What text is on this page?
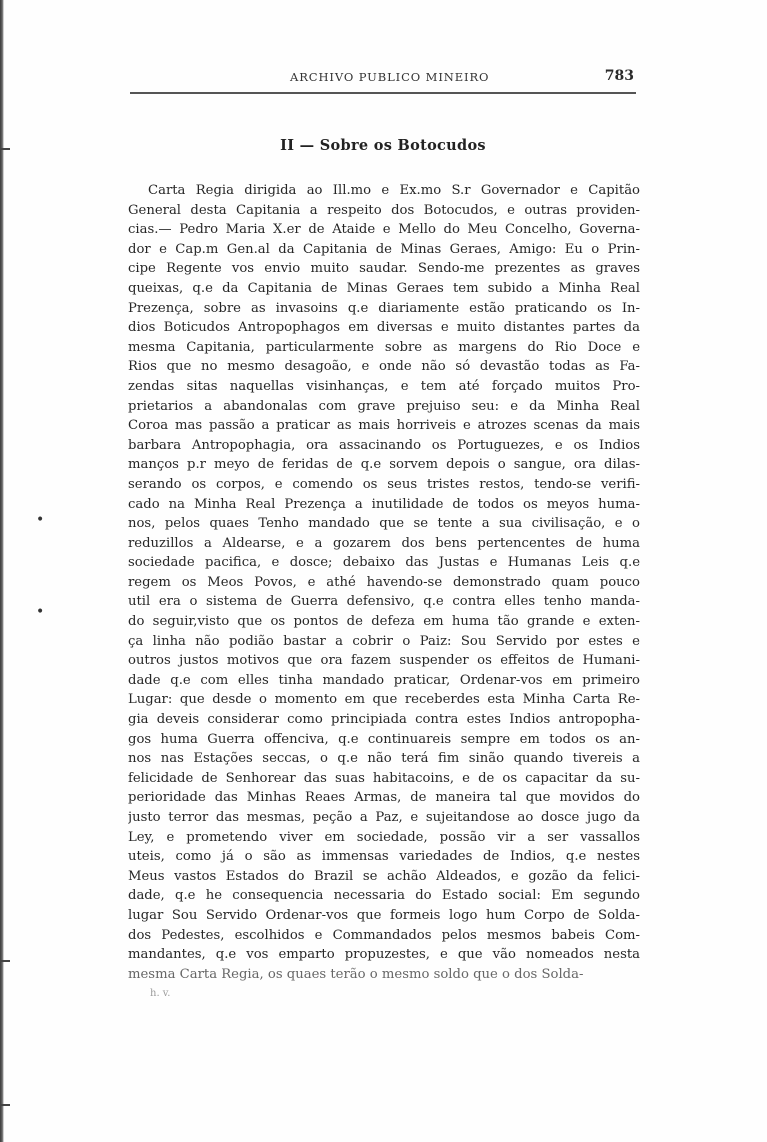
•
•
ARCHIVO PUBLICO MINEIRO	783
II — Sobre os Botocudos
Carta Regia dirigida ao Ill.mo e Ex.mo S.r Governador e Capitão
General desta Capitania a respeito dos Botocudos, e outras providen-
cias.— Pedro Maria X.er de Ataide e Mello do Meu Concelho, Governa-
dor e Cap.m Gen.al da Capitania de Minas Geraes, Amigo: Eu o Prin-
cipe Regente vos envio muito saudar. Sendo-me prezentes as graves
queixas, q.e da Capitania de Minas Geraes tem subido a Minha Real
Prezença, sobre as invasoins q.e diariamente estão praticando os In-
dios Boticudos Antropophagos em diversas e muito distantes partes da
mesma Capitania, particularmente sobre as margens do Rio Doce e
Rios que no mesmo desagoão, e onde não só devastão todas as Fa-
zendas sitas naquellas visinhanças, e tem até forçado muitos Pro-
prietarios a abandonalas com grave prejuiso seu: e da Minha Real
Coroa mas passão a praticar as mais horriveis e atrozes scenas da mais
barbara Antropophagia, ora assacinando os Portuguezes, e os Indios
manços p.r meyo de feridas de q.e sorvem depois o sangue, ora dilas-
serando os corpos, e comendo os seus tristes restos, tendo-se verifi-
cado na Minha Real Prezença a inutilidade de todos os meyos huma-
nos, pelos quaes Tenho mandado que se tente a sua civilisação, e o
reduzillos a Aldearse, e a gozarem dos bens pertencentes de huma
sociedade pacifica, e dosce; debaixo das Justas e Humanas Leis q.e
regem os Meos Povos, e athé havendo-se demonstrado quam pouco
util era o sistema de Guerra defensivo, q.e contra elles tenho manda-
do seguir,visto que os pontos de defeza em huma tão grande e exten-
ça linha não podião bastar a cobrir o Paiz: Sou Servido por estes e
outros justos motivos que ora fazem suspender os effeitos de Humani-
dade q.e com elles tinha mandado praticar, Ordenar-vos em primeiro
Lugar: que desde o momento em que receberdes esta Minha Carta Re-
gia deveis considerar como principiada contra estes Indios antropopha-
gos huma Guerra offenciva, q.e continuareis sempre em todos os an-
nos nas Estações seccas, o q.e não terá fim sinão quando tivereis a
felicidade de Senhorear das suas habitacoins, e de os capacitar da su-
perioridade das Minhas Reaes Armas, de maneira tal que movidos do
justo terror das mesmas, peção a Paz, e sujeitandose ao dosce jugo da
Ley, e prometendo viver em sociedade, possão vir a ser vassallos
uteis, como já o são as immensas variedades de Indios, q.e nestes
Meus vastos Estados do Brazil se achão Aldeados, e gozão da felici-
dade, q.e he consequencia necessaria do Estado social: Em segundo
lugar Sou Servido Ordenar-vos que formeis logo hum Corpo de Solda-
dos Pedestes, escolhidos e Commandados pelos mesmos babeis Com-
mandantes, q.e vos emparto propuzestes, e que vão nomeados nesta
mesma Carta Regia, os quaes terão o mesmo soldo que o dos Solda-
h. v.
